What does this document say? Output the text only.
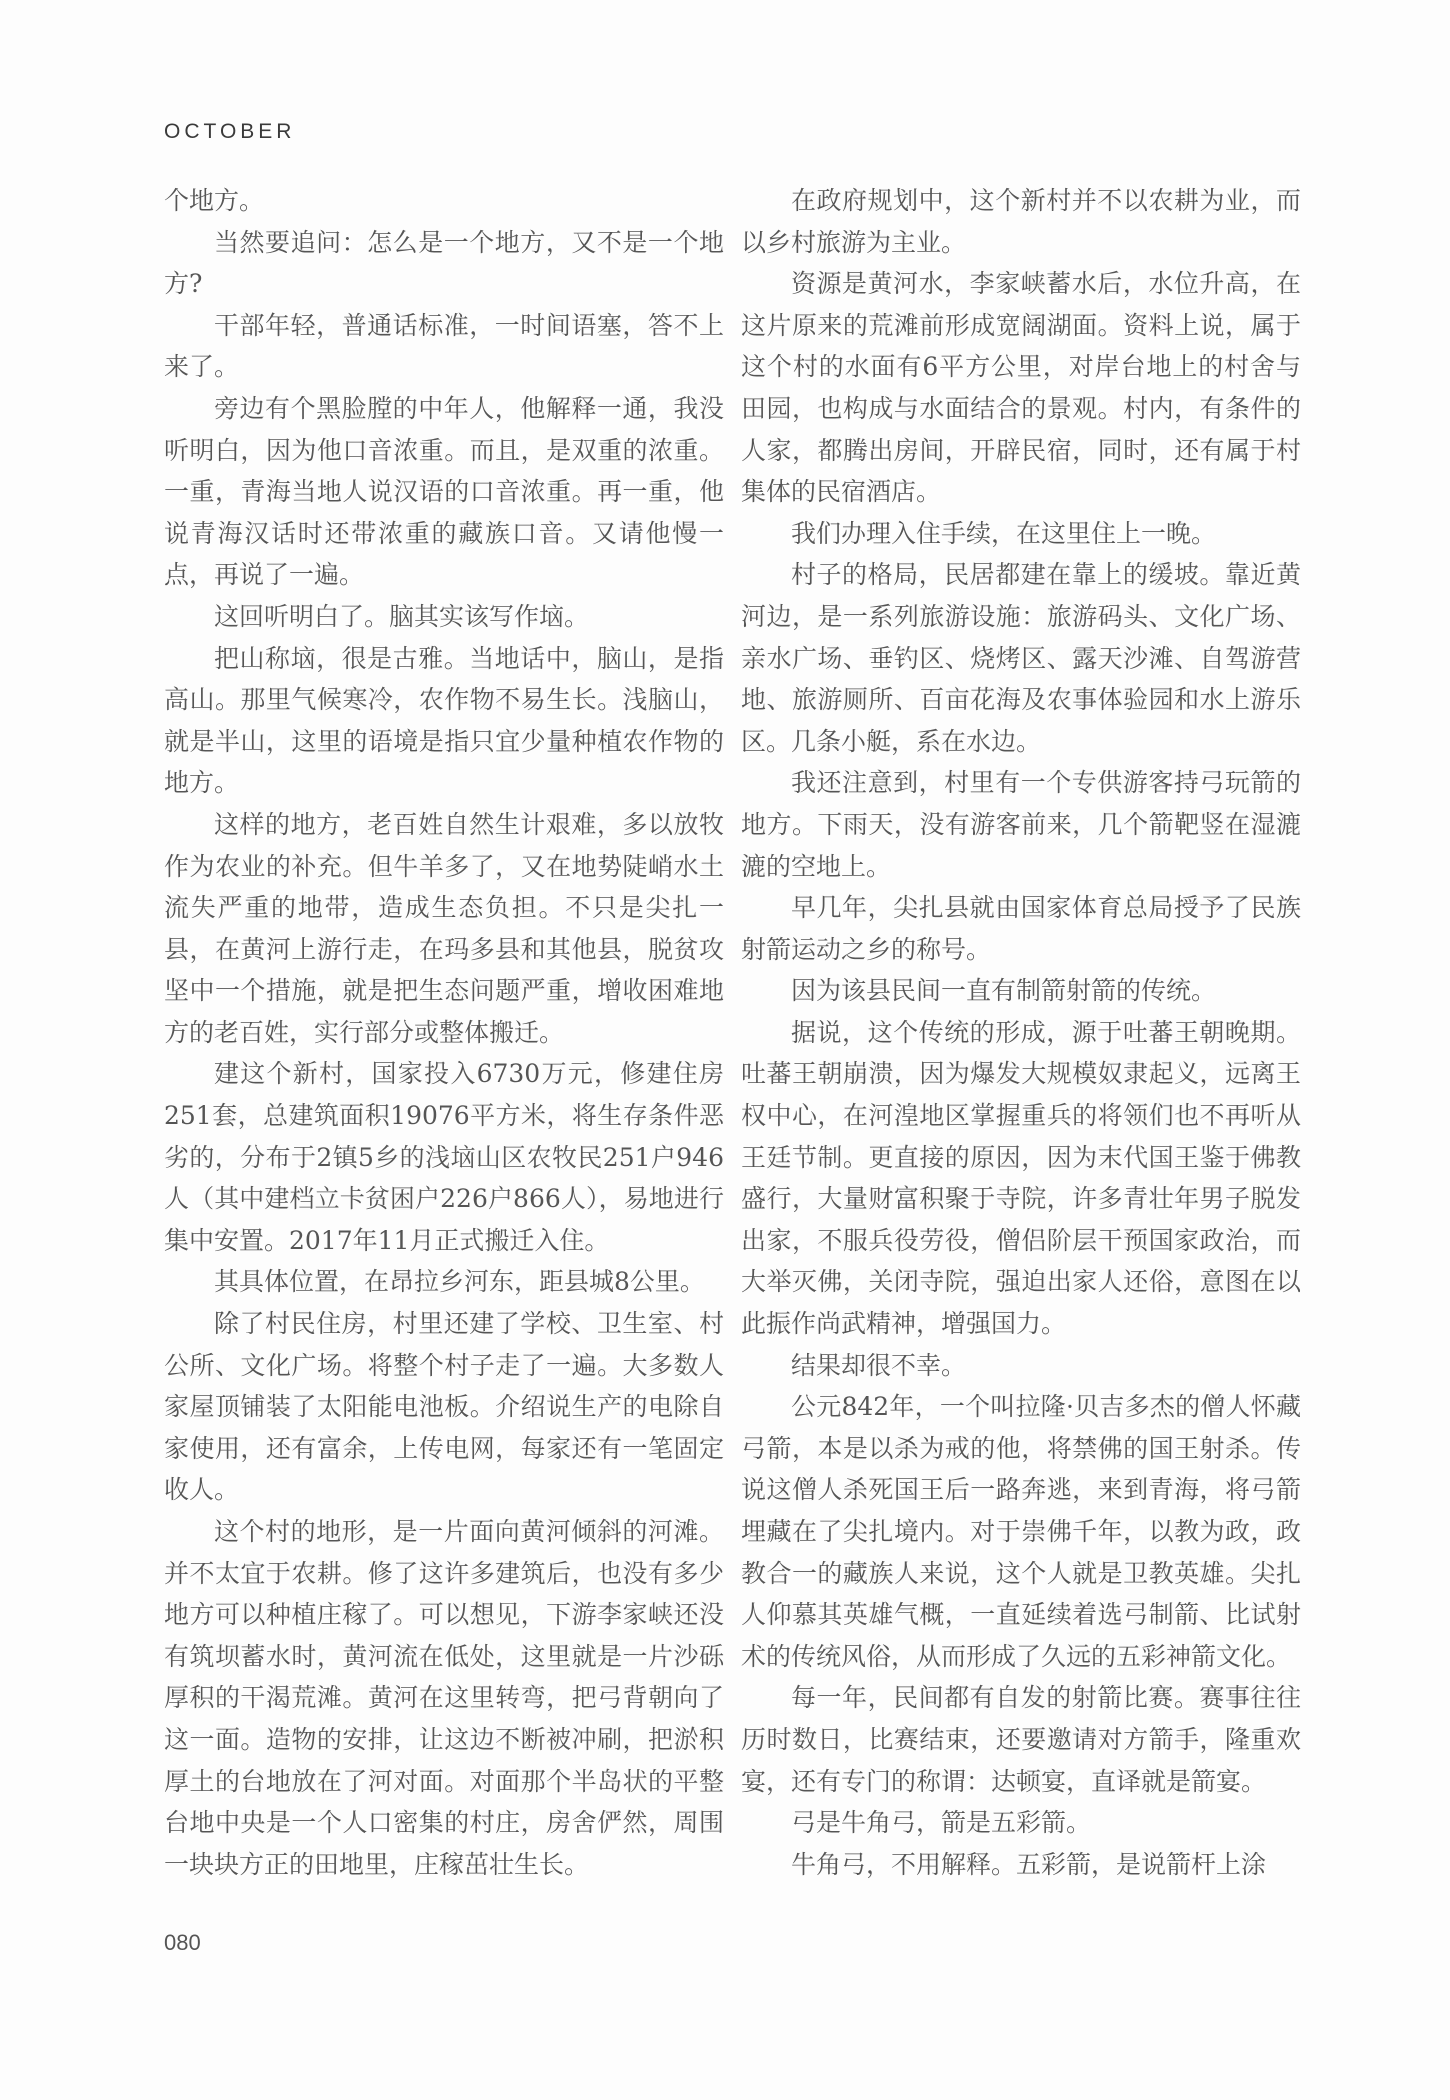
OCTOBER

个地方。

当然要追问：怎么是一个地方，又不是一个地方?

干部年轻，普通话标准，一时间语塞，答不上来了。

旁边有个黑脸膛的中年人，他解释一通，我没听明白，因为他口音浓重。而且，是双重的浓重。一重，青海当地人说汉语的口音浓重。再一重，他说青海汉话时还带浓重的藏族口音。又请他慢一点，再说了一遍。

这回听明白了。脑其实该写作垴。

把山称垴，很是古雅。当地话中，脑山，是指高山。那里气候寒冷，农作物不易生长。浅脑山，就是半山，这里的语境是指只宜少量种植农作物的地方。

这样的地方，老百姓自然生计艰难，多以放牧作为农业的补充。但牛羊多了，又在地势陡峭水土流失严重的地带，造成生态负担。不只是尖扎一县，在黄河上游行走，在玛多县和其他县，脱贫攻坚中一个措施，就是把生态问题严重，增收困难地方的老百姓，实行部分或整体搬迁。

建这个新村，国家投入6730万元，修建住房251套，总建筑面积19076平方米，将生存条件恶劣的，分布于2镇5乡的浅垴山区农牧民251户946人（其中建档立卡贫困户226户866人），易地进行集中安置。2017年11月正式搬迁入住。

其具体位置，在昂拉乡河东，距县城8公里。

除了村民住房，村里还建了学校、卫生室、村公所、文化广场。将整个村子走了一遍。大多数人家屋顶铺装了太阳能电池板。介绍说生产的电除自家使用，还有富余，上传电网，每家还有一笔固定收人。

这个村的地形，是一片面向黄河倾斜的河滩。并不太宜于农耕。修了这许多建筑后，也没有多少地方可以种植庄稼了。可以想见，下游李家峡还没有筑坝蓄水时，黄河流在低处，这里就是一片沙砾厚积的干渴荒滩。黄河在这里转弯，把弓背朝向了这一面。造物的安排，让这边不断被冲刷，把淤积厚土的台地放在了河对面。对面那个半岛状的平整台地中央是一个人口密集的村庄，房舍俨然，周围一块块方正的田地里，庄稼茁壮生长。

在政府规划中，这个新村并不以农耕为业，而以乡村旅游为主业。

资源是黄河水，李家峡蓄水后，水位升高，在这片原来的荒滩前形成宽阔湖面。资料上说，属于这个村的水面有6平方公里，对岸台地上的村舍与田园，也构成与水面结合的景观。村内，有条件的人家，都腾出房间，开辟民宿，同时，还有属于村集体的民宿酒店。

我们办理入住手续，在这里住上一晚。

村子的格局，民居都建在靠上的缓坡。靠近黄河边，是一系列旅游设施：旅游码头、文化广场、亲水广场、垂钓区、烧烤区、露天沙滩、自驾游营地、旅游厕所、百亩花海及农事体验园和水上游乐区。几条小艇，系在水边。

我还注意到，村里有一个专供游客持弓玩箭的地方。下雨天，没有游客前来，几个箭靶竖在湿漉漉的空地上。

早几年，尖扎县就由国家体育总局授予了民族射箭运动之乡的称号。

因为该县民间一直有制箭射箭的传统。

据说，这个传统的形成，源于吐蕃王朝晚期。吐蕃王朝崩溃，因为爆发大规模奴隶起义，远离王权中心，在河湟地区掌握重兵的将领们也不再听从王廷节制。更直接的原因，因为末代国王鉴于佛教盛行，大量财富积聚于寺院，许多青壮年男子脱发出家，不服兵役劳役，僧侣阶层干预国家政治，而大举灭佛，关闭寺院，强迫出家人还俗，意图在以此振作尚武精神，增强国力。

结果却很不幸。

公元842年，一个叫拉隆·贝吉多杰的僧人怀藏弓箭，本是以杀为戒的他，将禁佛的国王射杀。传说这僧人杀死国王后一路奔逃，来到青海，将弓箭埋藏在了尖扎境内。对于崇佛千年，以教为政，政教合一的藏族人来说，这个人就是卫教英雄。尖扎人仰慕其英雄气概，一直延续着选弓制箭、比试射术的传统风俗，从而形成了久远的五彩神箭文化。

每一年，民间都有自发的射箭比赛。赛事往往历时数日，比赛结束，还要邀请对方箭手，隆重欢宴，还有专门的称谓：达顿宴，直译就是箭宴。

弓是牛角弓，箭是五彩箭。

牛角弓，不用解释。五彩箭，是说箭杆上涂

080
